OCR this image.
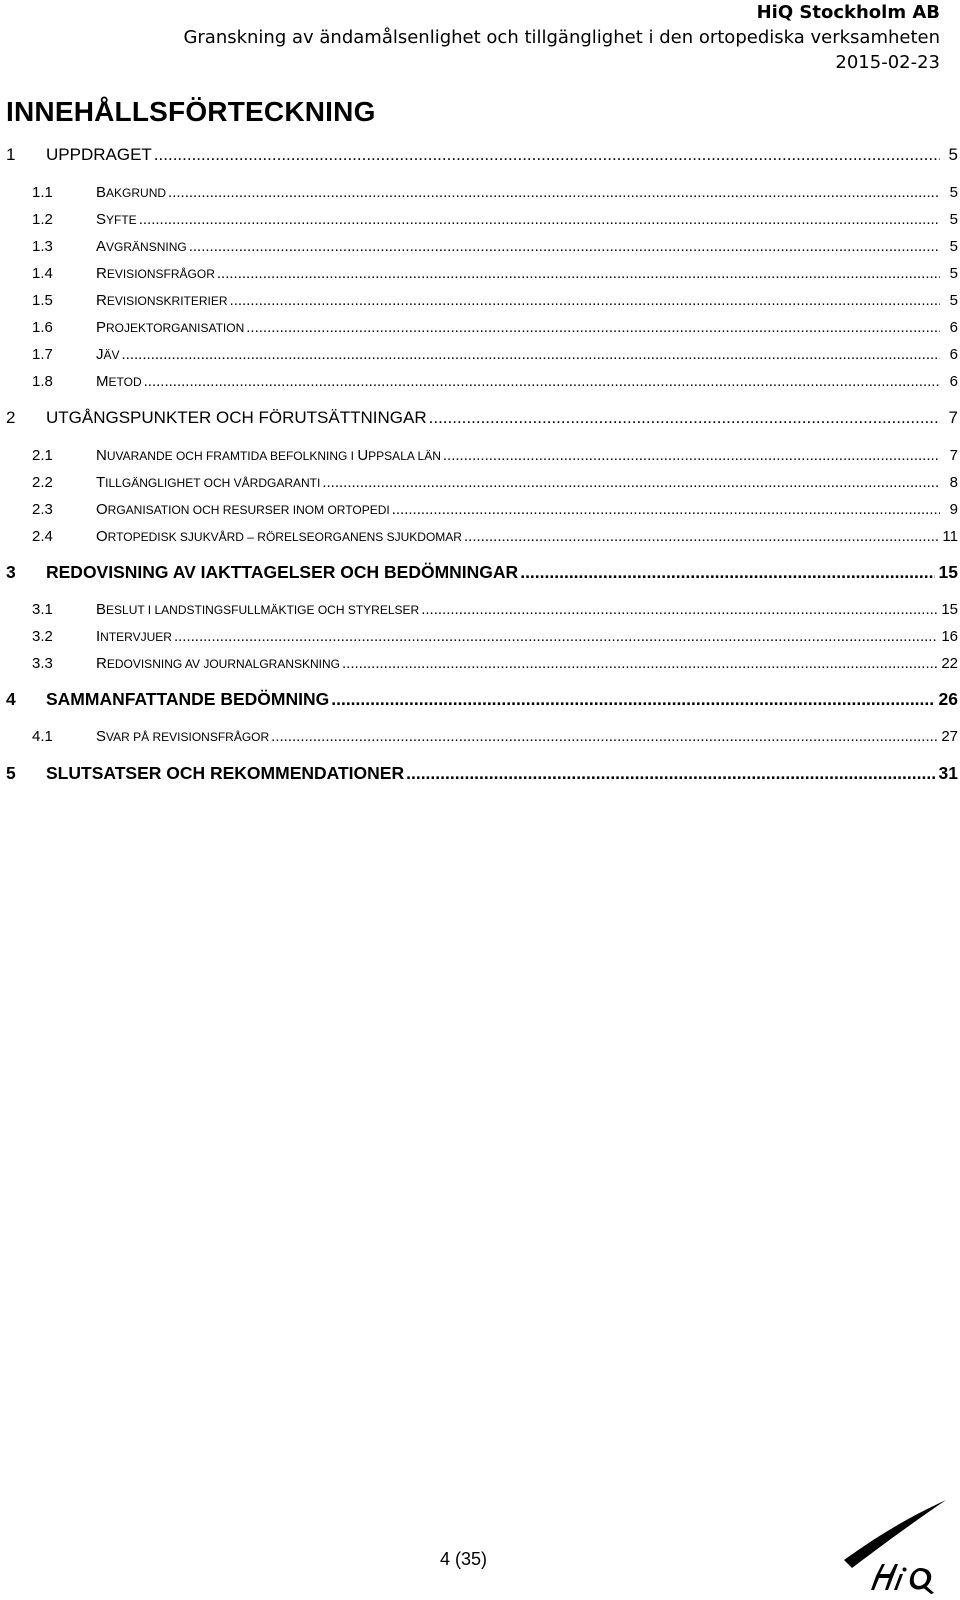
HiQ Stockholm AB
Granskning av ändamålsenlighet och tillgänglighet i den ortopediska verksamheten
2015-02-23
INNEHÅLLSFÖRTECKNING
1	UPPDRAGET .....	5
1.1	BAKGRUND .....	5
1.2	SYFTE .....	5
1.3	AVGRÄNSNING .....	5
1.4	REVISIONSFRÅGOR .....	5
1.5	REVISIONSKRITERIER .....	5
1.6	PROJEKTORGANISATION .....	6
1.7	JÄV .....	6
1.8	METOD .....	6
2	UTGÅNGSPUNKTER OCH FÖRUTSÄTTNINGAR .....	7
2.1	NUVARANDE OCH FRAMTIDA BEFOLKNING I UPPSALA LÄN .....	7
2.2	TILLGÄNGLIGHET OCH VÅRDGARANTI .....	8
2.3	ORGANISATION OCH RESURSER INOM ORTOPEDI .....	9
2.4	ORTOPEDISK SJUKVÅRD – RÖRELSEORGANENS SJUKDOMAR .....	11
3	REDOVISNING AV IAKTTAGELSER OCH BEDÖMNINGAR .....	15
3.1	BESLUT I LANDSTINGSFULLMÄKTIGE OCH STYRELSER .....	15
3.2	INTERVJUER .....	16
3.3	REDOVISNING AV JOURNALGRANSKNING .....	22
4	SAMMANFATTANDE BEDÖMNING .....	26
4.1	SVAR PÅ REVISIONSFRÅGOR .....	27
5	SLUTSATSER OCH REKOMMENDATIONER .....	31
4 (35)
